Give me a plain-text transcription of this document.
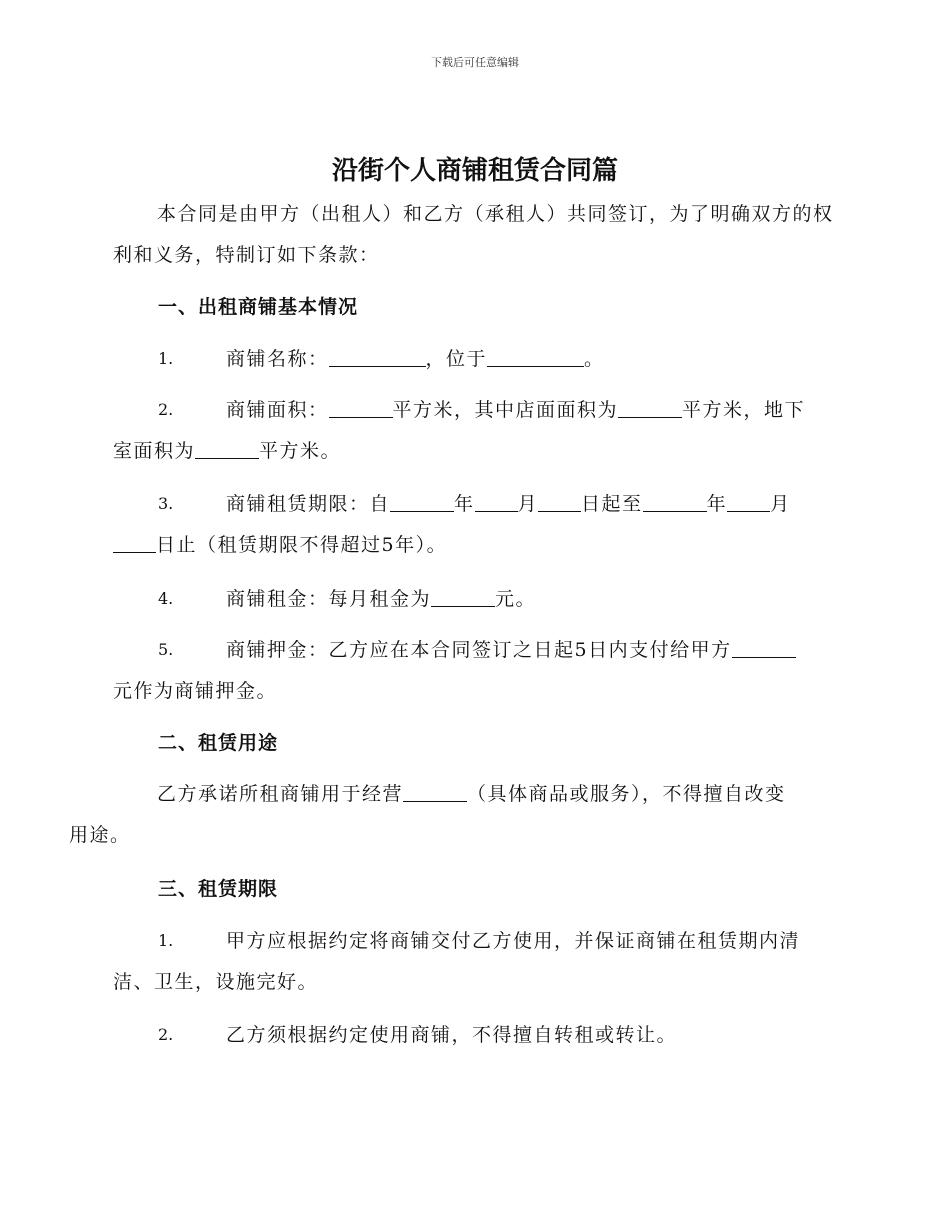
下载后可任意编辑
沿街个人商铺租赁合同篇
本合同是由甲方（出租人）和乙方（承租人）共同签订，为了明确双方的权利和义务，特制订如下条款：
一、出租商铺基本情况
1.	商铺名称：	，位于	。
2.	商铺面积：	平方米，其中店面面积为	平方米，地下
室面积为	平方米。
3.	商铺租赁期限：自	年 月 日起至	年 月
日止（租赁期限不得超过5年）。
4.	商铺租金：每月租金为	元。
5.	商铺押金：乙方应在本合同签订之日起5日内支付给甲方
元作为商铺押金。
二、租赁用途
乙方承诺所租商铺用于经营	（具体商品或服务），不得擅自改变
用途。
三、租赁期限
1.	甲方应根据约定将商铺交付乙方使用，并保证商铺在租赁期内清
洁、卫生，设施完好。
2.	乙方须根据约定使用商铺，不得擅自转租或转让。
